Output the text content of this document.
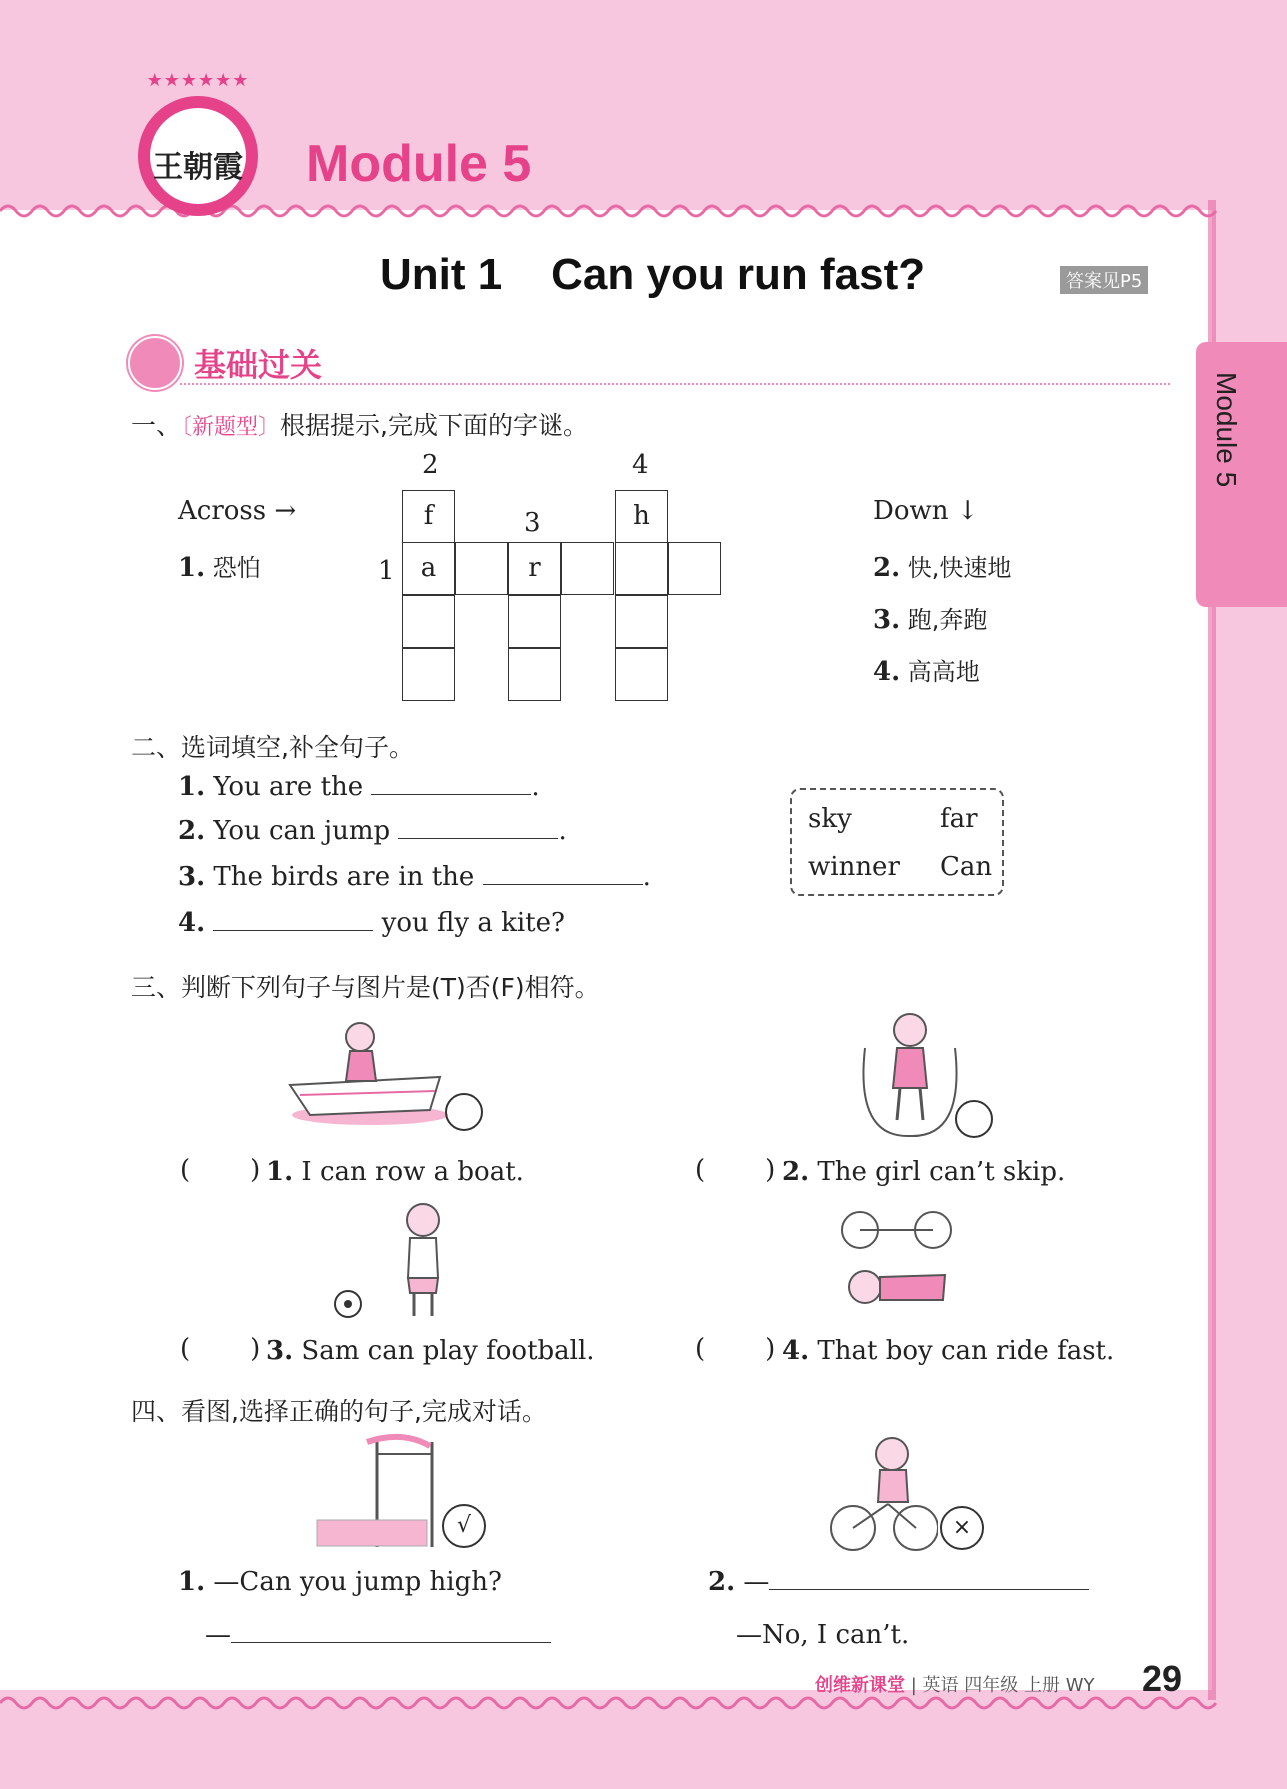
★★★★★★
王朝霞 Module 5
Unit 1    Can you run fast?	答案见P5
Module 5
基础过关
一、〔新题型〕根据提示,完成下面的字谜。
Across →
1. 恐怕
Down ↓
2. 快,快速地
3. 跑,奔跑
4. 高高地
2	4
3
1
f	h
a	r
二、选词填空,补全句子。
1. You are the	.
2. You can jump	.
3. The birds are in the	.
4.	you fly a kite?
sky	far
winner Can
三、判断下列句子与图片是(T)否(F)相符。
( ) 1. I can row a boat.	( ) 2. The girl can’t skip.
( ) 3. Sam can play football.	( ) 4. That boy can ride fast.
四、看图,选择正确的句子,完成对话。
√	×
1. —Can you jump high?
—
2. —
—No, I can’t.
创维新课堂 | 英语 四年级 上册 WY 29
